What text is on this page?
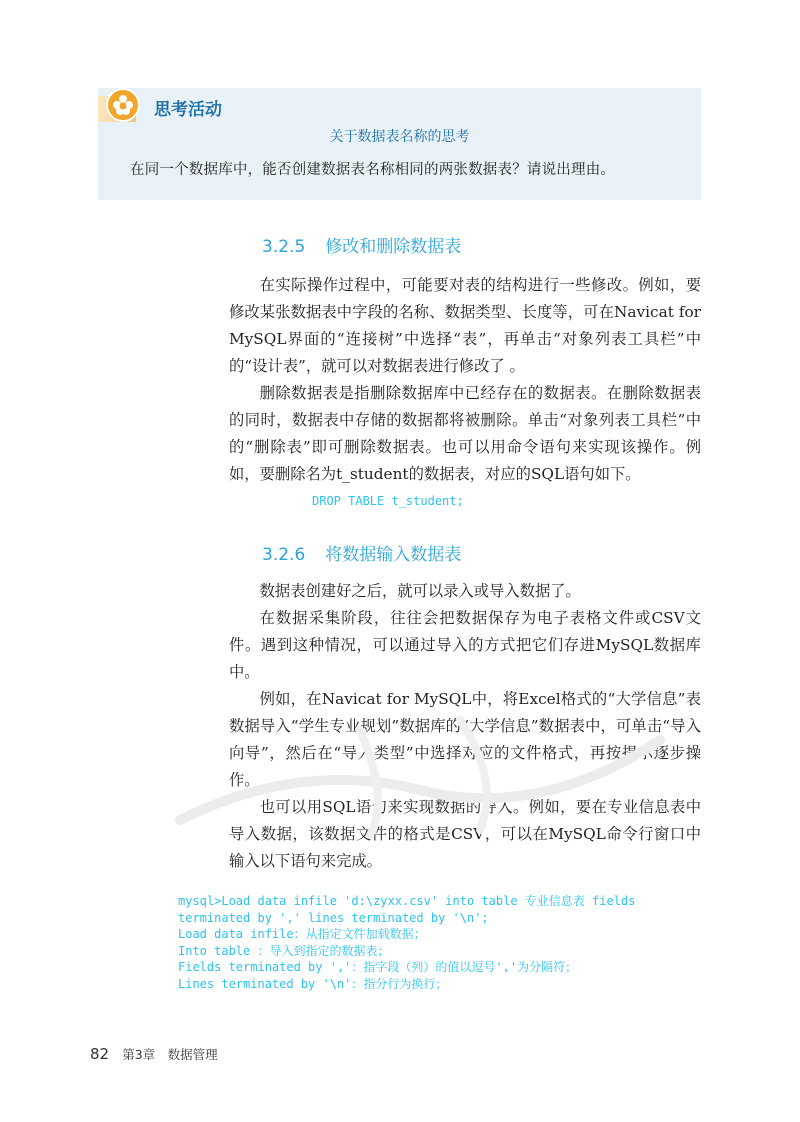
思考活动
关于数据表名称的思考
在同一个数据库中，能否创建数据表名称相同的两张数据表？请说出理由。
3.2.5 修改和删除数据表

在实际操作过程中，可能要对表的结构进行一些修改。例如，要修改某张数据表中字段的名称、数据类型、长度等，可在Navicat for MySQL界面的“连接树”中选择“表”，再单击“对象列表工具栏”中的“设计表”，就可以对数据表进行修改了 。

删除数据表是指删除数据库中已经存在的数据表。在删除数据表的同时，数据表中存储的数据都将被删除。单击“对象列表工具栏”中的“删除表”即可删除数据表。也可以用命令语句来实现该操作。例如，要删除名为t_student的数据表，对应的SQL语句如下。

DROP TABLE t_student;
3.2.6 将数据输入数据表

数据表创建好之后，就可以录入或导入数据了。

在数据采集阶段，往往会把数据保存为电子表格文件或CSV文件。遇到这种情况，可以通过导入的方式把它们存进MySQL数据库中。

例如，在Navicat for MySQL中，将Excel格式的“大学信息”表数据导入“学生专业规划”数据库的“大学信息”数据表中，可单击“导入向导”，然后在“导入类型”中选择对应的文件格式，再按提示逐步操作。

也可以用SQL语句来实现数据的导入。例如，要在专业信息表中导入数据，该数据文件的格式是CSV，可以在MySQL命令行窗口中输入以下语句来完成。

mysql>Load data infile 'd:\zyxx.csv' into table 专业信息表 fields
terminated by ',' lines terminated by '\n';
Load data infile：从指定文件加载数据；
Into table ：导入到指定的数据表；
Fields terminated by ','：指字段（列）的值以逗号','为分隔符；
Lines terminated by '\n'：指分行为换行；
82 第3章　数据管理
